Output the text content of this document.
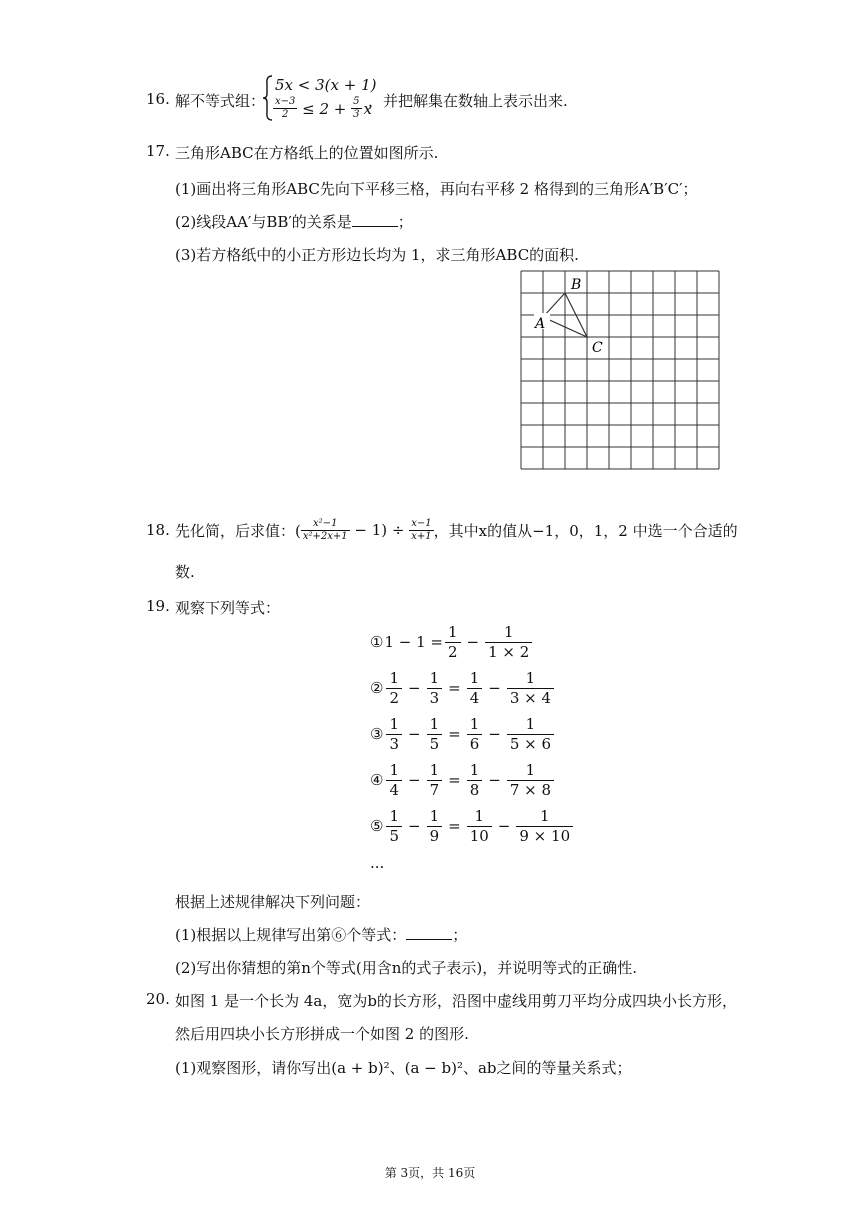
16. 解不等式组：
5x < 3(x + 1)
$\frac{x-3}{2} \le 2 + \frac{5}{3}$ x
，并把解集在数轴上表示出来.
17. 三角形ABC在方格纸上的位置如图所示.
(1)画出将三角形ABC先向下平移三格，再向右平移 2 格得到的三角形A′B′C′；
(2)线段AA′与BB′的关系是	；
(3)若方格纸中的小正方形边长均为 1，求三角形ABC的面积.
A
B
C
18. 先化简，后求值：( $\frac{\text{x²−1}}{\text{x²+2x+1}} - 1) \div \frac{x-1}{x+1}$ ，其中x的值从−1，0，1，2 中选一个合适的
数.
19. 观察下列等式：
① $1 - 1 = \frac{1}{2} - \frac{1}{1 \times 2}$
② $\frac{1}{2} - \frac{1}{3} = \frac{1}{4} - \frac{1}{3 \times 4}$
③ $\frac{1}{3} - \frac{1}{5} = \frac{1}{6} - \frac{1}{5 \times 6}$
④ $\frac{1}{4} - \frac{1}{7} = \frac{1}{8} - \frac{1}{7 \times 8}$
⑤ $\frac{1}{5} - \frac{1}{9} = \frac{1}{10} - \frac{1}{9 \times 10}$
...
根据上述规律解决下列问题：
(1)根据以上规律写出第⑥个等式：	；
(2)写出你猜想的第n个等式(用含n的式子表示)，并说明等式的正确性.
20. 如图 1 是一个长为 4a，宽为b的长方形，沿图中虚线用剪刀平均分成四块小长方形，
然后用四块小长方形拼成一个如图 2 的图形.
(1)观察图形，请你写出(a + b)²、(a − b)²、ab之间的等量关系式；
第 3页，共 16页
